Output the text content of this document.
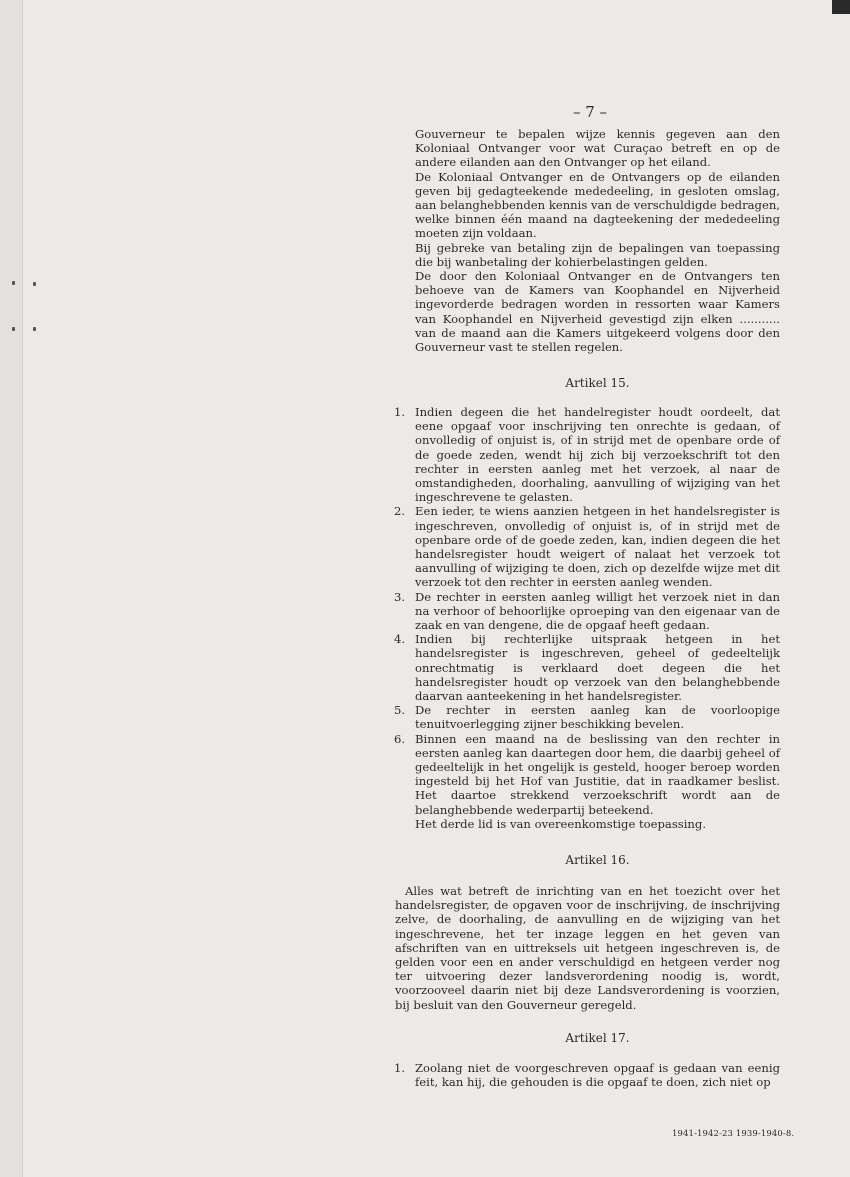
– 7 –

Gouverneur te bepalen wijze kennis gegeven aan den Koloniaal Ontvanger voor wat Curaçao betreft en op de andere eilanden aan den Ontvanger op het eiland.

De Koloniaal Ontvanger en de Ontvangers op de eilanden geven bij gedagteekende mededeeling, in gesloten omslag, aan belanghebbenden kennis van de verschuldigde bedragen, welke binnen één maand na dagteekening der mededeeling moeten zijn voldaan.

Bij gebreke van betaling zijn de bepalingen van toepassing die bij wanbetaling der kohierbelastingen gelden.

De door den Koloniaal Ontvanger en de Ontvangers ten behoeve van de Kamers van Koophandel en Nijverheid ingevorderde bedragen worden in ressorten waar Kamers van Koophandel en Nijverheid gevestigd zijn elken ........... van de maand aan die Kamers uitgekeerd volgens door den Gouverneur vast te stellen regelen.

Artikel 15.

1. Indien degeen die het handelregister houdt oordeelt, dat eene opgaaf voor inschrijving ten onrechte is gedaan, of onvolledig of onjuist is, of in strijd met de openbare orde of de goede zeden, wendt hij zich bij verzoekschrift tot den rechter in eersten aanleg met het verzoek, al naar de omstandigheden, doorhaling, aanvulling of wijziging van het ingeschrevene te gelasten.
2. Een ieder, te wiens aanzien hetgeen in het handelsregister is ingeschreven, onvolledig of onjuist is, of in strijd met de openbare orde of de goede zeden, kan, indien degeen die het handelsregister houdt weigert of nalaat het verzoek tot aanvulling of wijziging te doen, zich op dezelfde wijze met dit verzoek tot den rechter in eersten aanleg wenden.
3. De rechter in eersten aanleg willigt het verzoek niet in dan na verhoor of behoorlijke oproeping van den eigenaar van de zaak en van dengene, die de opgaaf heeft gedaan.
4. Indien bij rechterlijke uitspraak hetgeen in het handelsregister is ingeschreven, geheel of gedeeltelijk onrechtmatig is verklaard doet degeen die het handelsregister houdt op verzoek van den belanghebbende daarvan aanteekening in het handelsregister.
5. De rechter in eersten aanleg kan de voorloopige tenuitvoerlegging zijner beschikking bevelen.
6. Binnen een maand na de beslissing van den rechter in eersten aanleg kan daartegen door hem, die daarbij geheel of gedeeltelijk in het ongelijk is gesteld, hooger beroep worden ingesteld bij het Hof van Justitie, dat in raadkamer beslist. Het daartoe strekkend verzoekschrift wordt aan de belanghebbende wederpartij beteekend.

Het derde lid is van overeenkomstige toepassing.

Artikel 16.

Alles wat betreft de inrichting van en het toezicht over het handelsregister, de opgaven voor de inschrijving, de inschrijving zelve, de doorhaling, de aanvulling en de wijziging van het ingeschrevene, het ter inzage leggen en het geven van afschriften van en uittreksels uit hetgeen ingeschreven is, de gelden voor een en ander verschuldigd en hetgeen verder nog ter uitvoering dezer landsverordening noodig is, wordt, voorzooveel daarin niet bij deze Landsverordening is voorzien, bij besluit van den Gouverneur geregeld.

Artikel 17.

1. Zoolang niet de voorgeschreven opgaaf is gedaan van eenig feit, kan hij, die gehouden is die opgaaf te doen, zich niet op
1941-1942-23 1939-1940-8.
